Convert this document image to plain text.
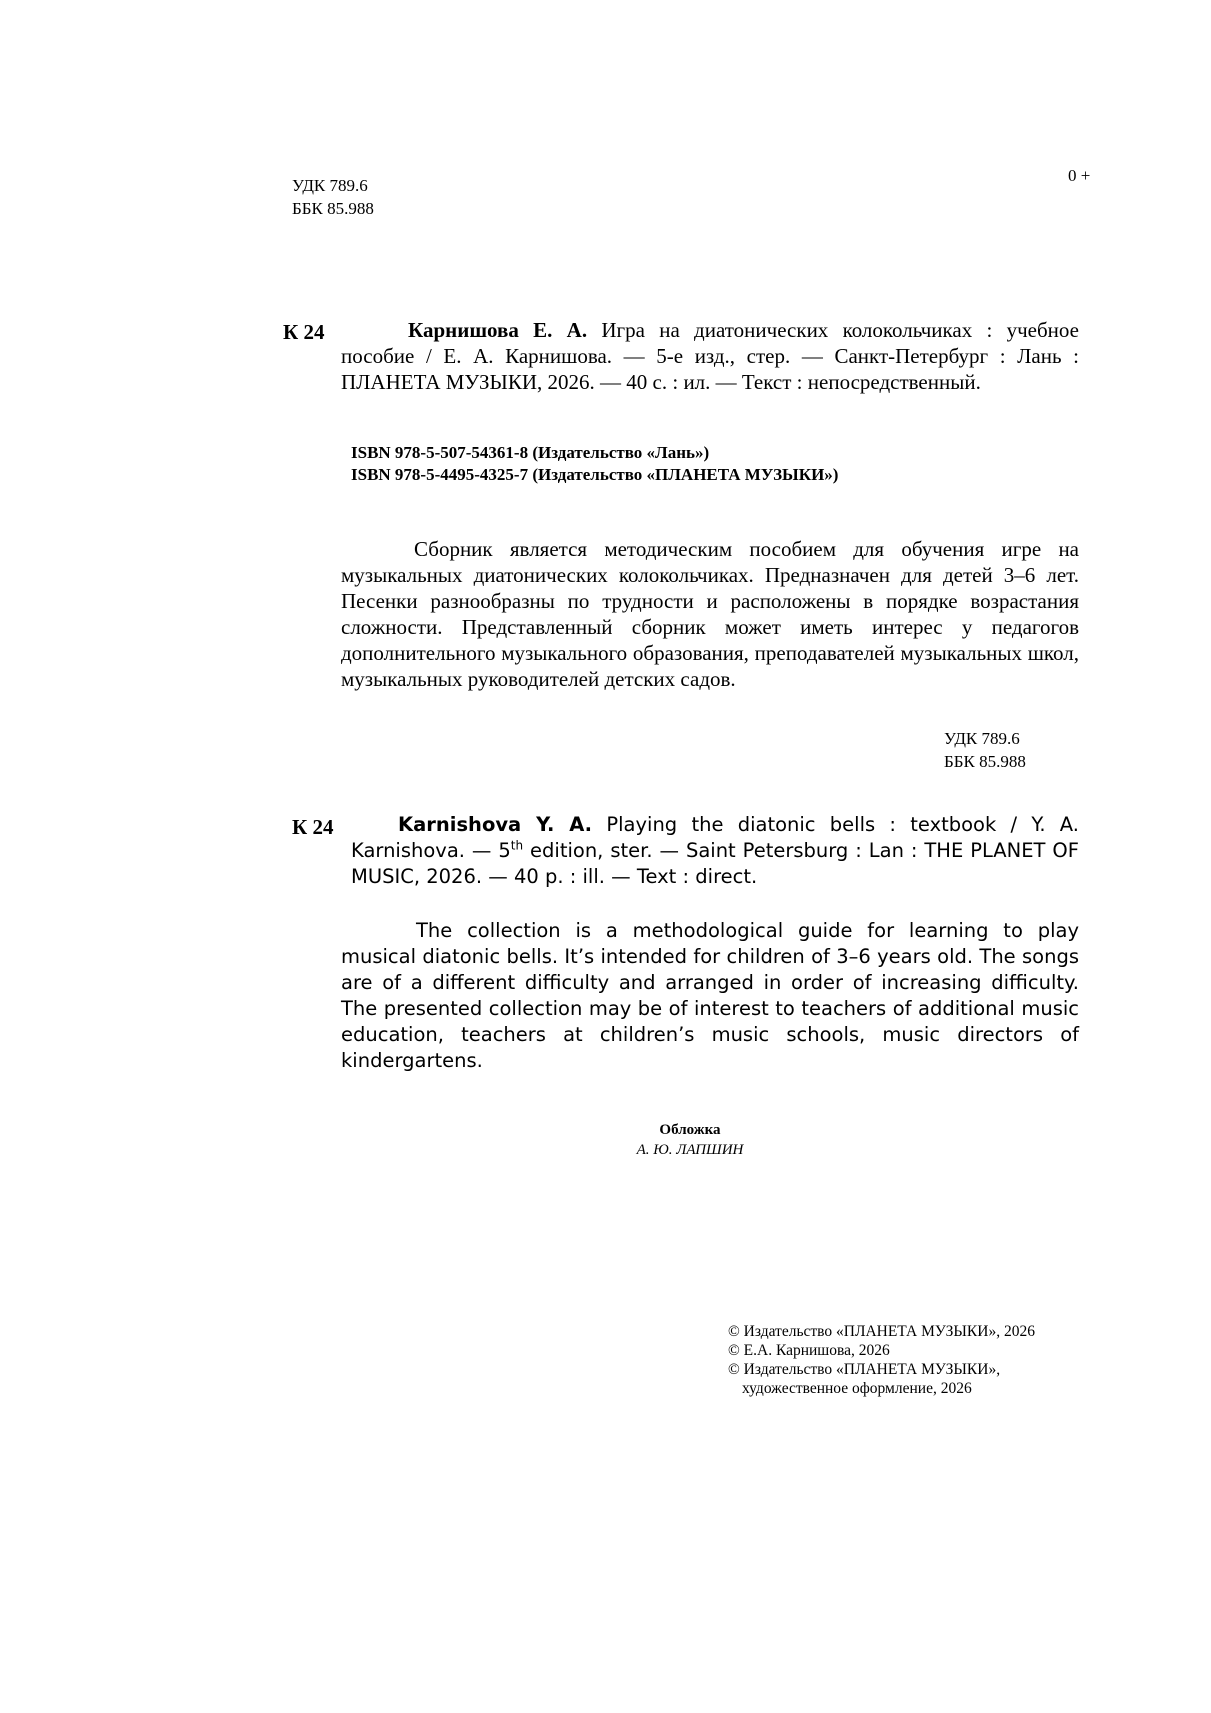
УДК 789.6
ББК 85.988
0 +
К 24	Карнишова Е. А. Игра на диатонических колокольчиках : учебное пособие / Е. А. Карнишова. — 5-е изд., стер. — Санкт-Петербург : Лань : ПЛАНЕТА МУЗЫКИ, 2026. — 40 с. : ил. — Текст : непосредственный.
ISBN 978-5-507-54361-8 (Издательство «Лань»)
ISBN 978-5-4495-4325-7 (Издательство «ПЛАНЕТА МУЗЫКИ»)
Сборник является методическим пособием для обучения игре на музыкальных диатонических колокольчиках. Предназначен для детей 3–6 лет. Песенки разнообразны по трудности и расположены в порядке возрастания сложности. Представленный сборник может иметь интерес у педагогов дополнительного музыкального образования, преподавателей музыкальных школ, музыкальных руководителей детских садов.
УДК 789.6
ББК 85.988
К 24	Karnishova Y. A. Playing the diatonic bells : textbook / Y. A. Karnishova. — 5th edition, ster. — Saint Petersburg : Lan : THE PLANET OF MUSIC, 2026. — 40 p. : ill. — Text : direct.
The collection is a methodological guide for learning to play musical diatonic bells. It’s intended for children of 3–6 years old. The songs are of a different difficulty and arranged in order of increasing difficulty. The presented collection may be of interest to teachers of additional music education, teachers at children’s music schools, music directors of kindergartens.
Обложка
А. Ю. ЛАПШИН
© Издательство «ПЛАНЕТА МУЗЫКИ», 2026
© Е.А. Карнишова, 2026
© Издательство «ПЛАНЕТА МУЗЫКИ»,
художественное оформление, 2026
